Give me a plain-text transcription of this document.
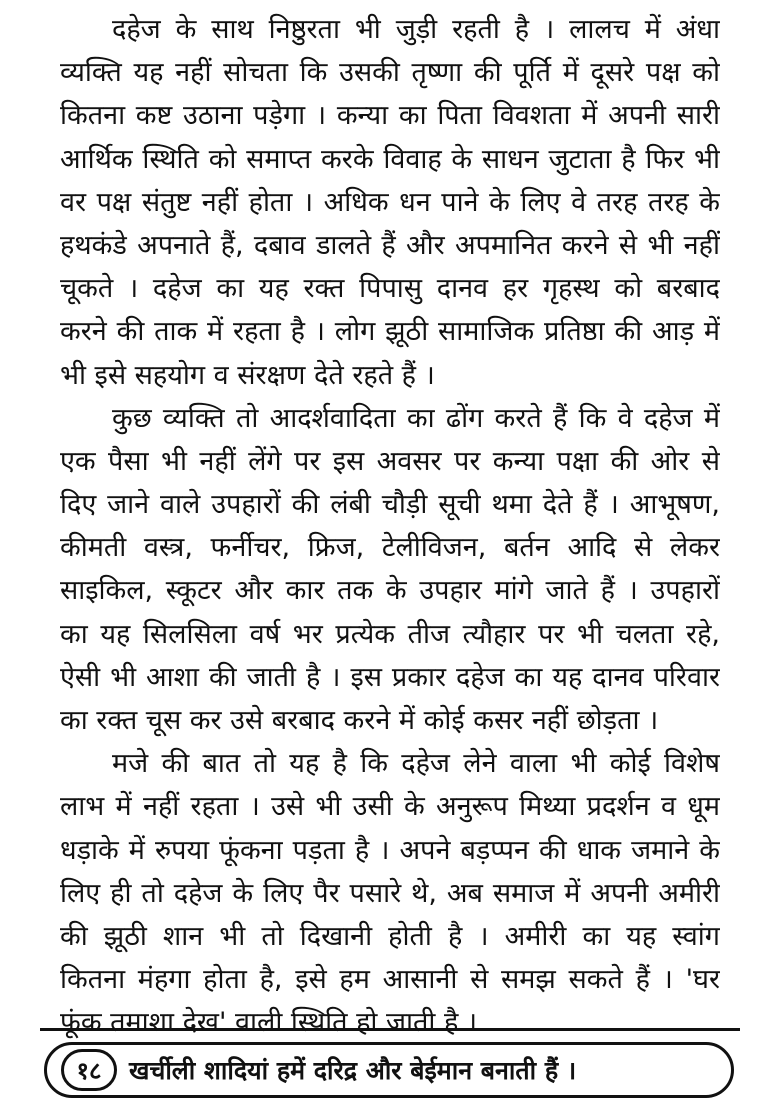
दहेज के साथ निष्ठुरता भी जुड़ी रहती है । लालच में अंधा
व्यक्ति यह नहीं सोचता कि उसकी तृष्णा की पूर्ति में दूसरे पक्ष को
कितना कष्ट उठाना पड़ेगा । कन्या का पिता विवशता में अपनी सारी
आर्थिक स्थिति को समाप्त करके विवाह के साधन जुटाता है फिर भी
वर पक्ष संतुष्ट नहीं होता । अधिक धन पाने के लिए वे तरह तरह के
हथकंडे अपनाते हैं, दबाव डालते हैं और अपमानित करने से भी नहीं
चूकते । दहेज का यह रक्त पिपासु दानव हर गृहस्थ को बरबाद
करने की ताक में रहता है । लोग झूठी सामाजिक प्रतिष्ठा की आड़ में
भी इसे सहयोग व संरक्षण देते रहते हैं ।
कुछ व्यक्ति तो आदर्शवादिता का ढोंग करते हैं कि वे दहेज में
एक पैसा भी नहीं लेंगे पर इस अवसर पर कन्या पक्षा की ओर से
दिए जाने वाले उपहारों की लंबी चौड़ी सूची थमा देते हैं । आभूषण,
कीमती वस्त्र, फर्नीचर, फ्रिज, टेलीविजन, बर्तन आदि से लेकर
साइकिल, स्कूटर और कार तक के उपहार मांगे जाते हैं । उपहारों
का यह सिलसिला वर्ष भर प्रत्येक तीज त्यौहार पर भी चलता रहे,
ऐसी भी आशा की जाती है । इस प्रकार दहेज का यह दानव परिवार
का रक्त चूस कर उसे बरबाद करने में कोई कसर नहीं छोड़ता ।
मजे की बात तो यह है कि दहेज लेने वाला भी कोई विशेष
लाभ में नहीं रहता । उसे भी उसी के अनुरूप मिथ्या प्रदर्शन व धूम
धड़ाके में रुपया फूंकना पड़ता है । अपने बड़प्पन की धाक जमाने के
लिए ही तो दहेज के लिए पैर पसारे थे, अब समाज में अपनी अमीरी
की झूठी शान भी तो दिखानी होती है । अमीरी का यह स्वांग
कितना मंहगा होता है, इसे हम आसानी से समझ सकते हैं । 'घर
फूंक तमाशा देख' वाली स्थिति हो जाती है ।
१८	खर्चीली शादियां हमें दरिद्र और बेईमान बनाती हैं ।
